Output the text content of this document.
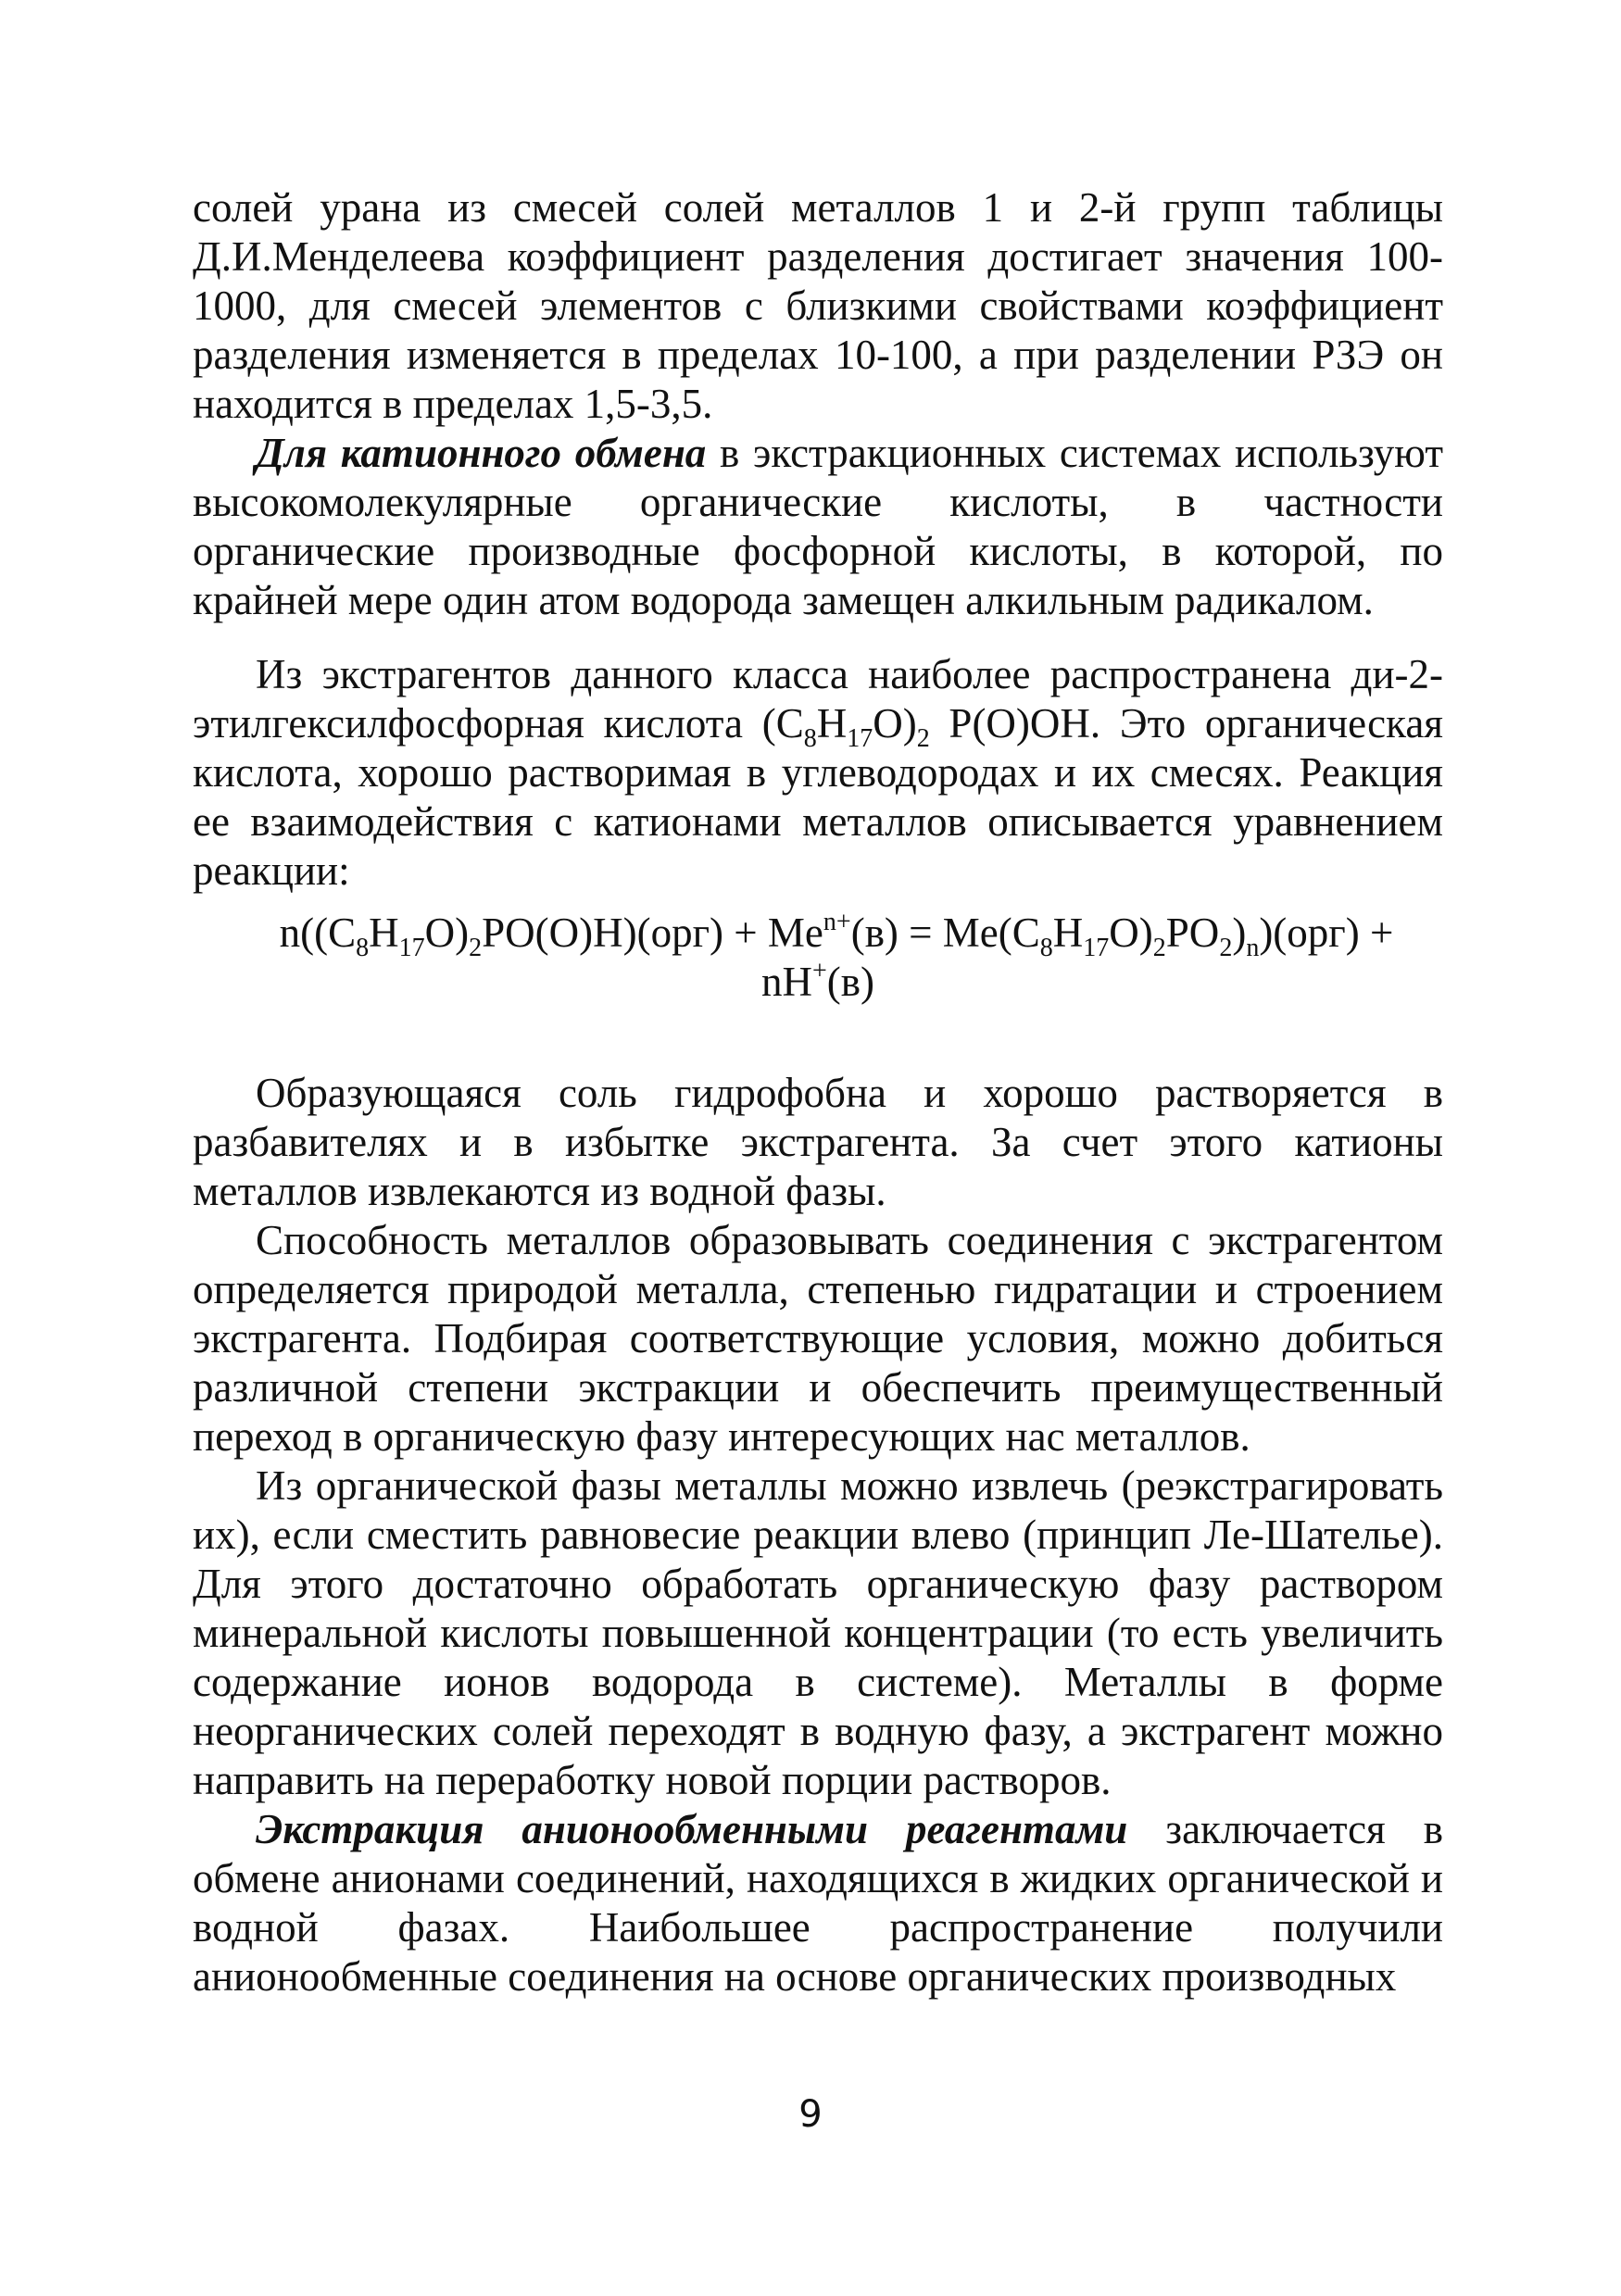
солей урана из смесей солей металлов 1 и 2-й групп таблицы Д.И.Менделеева коэффициент разделения достигает значения 100-1000, для смесей элементов с близкими свойствами коэффициент разделения изменяется в пределах 10-100, а при разделении РЗЭ он находится в пределах 1,5-3,5.

Для катионного обмена в экстракционных системах используют высокомолекулярные органические кислоты, в частности органические производные фосфорной кислоты, в которой, по крайней мере один атом водорода замещен алкильным радикалом.

Из экстрагентов данного класса наиболее распространена ди-2-этилгексилфосфорная кислота $(C_8H_{17}O)_2$ P(O)OH. Это органическая кислота, хорошо растворимая в углеводородах и их смесях. Реакция ее взаимодействия с катионами металлов описывается уравнением реакции:

$n((C_8H_{17}O)_2PO(O)H)(орг) + Me^{n+}(в) = Me(C_8H_{17}O)_2PO_2)_n)(орг)$ +
nH+(в)

Образующаяся соль гидрофобна и хорошо растворяется в разбавителях и в избытке экстрагента. За счет этого катионы металлов извлекаются из водной фазы.

Способность металлов образовывать соединения с экстрагентом определяется природой металла, степенью гидратации и строением экстрагента. Подбирая соответствующие условия, можно добиться различной степени экстракции и обеспечить преимущественный переход в органическую фазу интересующих нас металлов.

Из органической фазы металлы можно извлечь (реэкстрагировать их), если сместить равновесие реакции влево (принцип Ле-Шателье). Для этого достаточно обработать органическую фазу раствором минеральной кислоты повышенной концентрации (то есть увеличить содержание ионов водорода в системе). Металлы в форме неорганических солей переходят в водную фазу, а экстрагент можно направить на переработку новой порции растворов.

Экстракция анионообменными реагентами заключается в обмене анионами соединений, находящихся в жидких органической и водной фазах. Наибольшее распространение получили анионообменные соединения на основе органических производных

9
